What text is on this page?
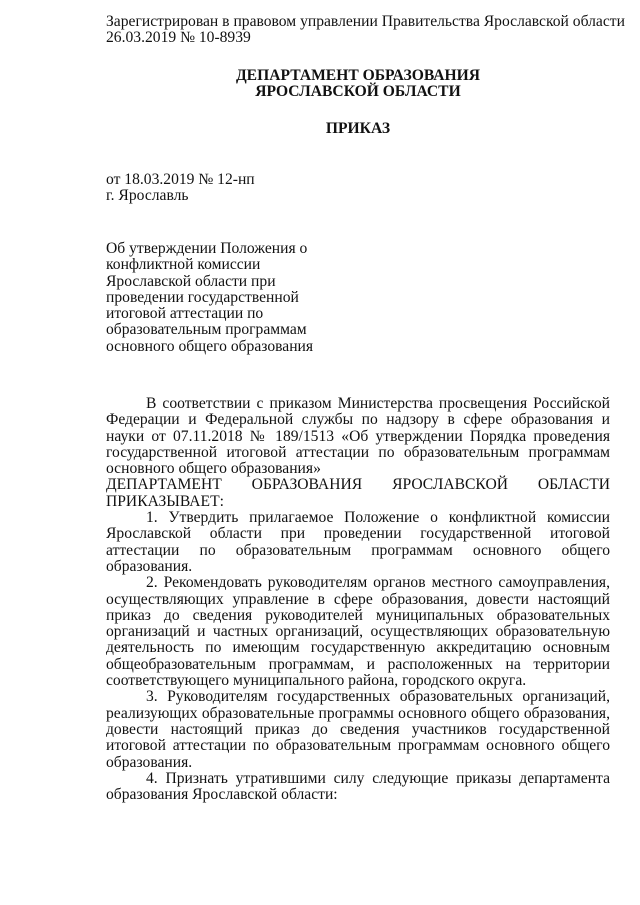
Зарегистрирован в правовом управлении Правительства Ярославской области
26.03.2019 № 10-8939
ДЕПАРТАМЕНТ ОБРАЗОВАНИЯ
ЯРОСЛАВСКОЙ ОБЛАСТИ
ПРИКАЗ
от 18.03.2019 № 12-нп
г. Ярославль
Об утверждении Положения о
конфликтной комиссии
Ярославской области при
проведении государственной
итоговой аттестации по
образовательным программам
основного общего образования

В соответствии с приказом Министерства просвещения Российской Федерации и Федеральной службы по надзору в сфере образования и науки от 07.11.2018 № 189/1513 «Об утверждении Порядка проведения государственной итоговой аттестации по образовательным программам основного общего образования»

ДЕПАРТАМЕНТ ОБРАЗОВАНИЯ ЯРОСЛАВСКОЙ ОБЛАСТИ ПРИКАЗЫВАЕТ:

1. Утвердить прилагаемое Положение о конфликтной комиссии Ярославской области при проведении государственной итоговой аттестации по образовательным программам основного общего образования.

2. Рекомендовать руководителям органов местного самоуправления, осуществляющих управление в сфере образования, довести настоящий приказ до сведения руководителей муниципальных образовательных организаций и частных организаций, осуществляющих образовательную деятельность по имеющим государственную аккредитацию основным общеобразовательным программам, и расположенных на территории соответствующего муниципального района, городского округа.

3. Руководителям государственных образовательных организаций, реализующих образовательные программы основного общего образования, довести настоящий приказ до сведения участников государственной итоговой аттестации по образовательным программам основного общего образования.

4. Признать утратившими силу следующие приказы департамента образования Ярославской области:
